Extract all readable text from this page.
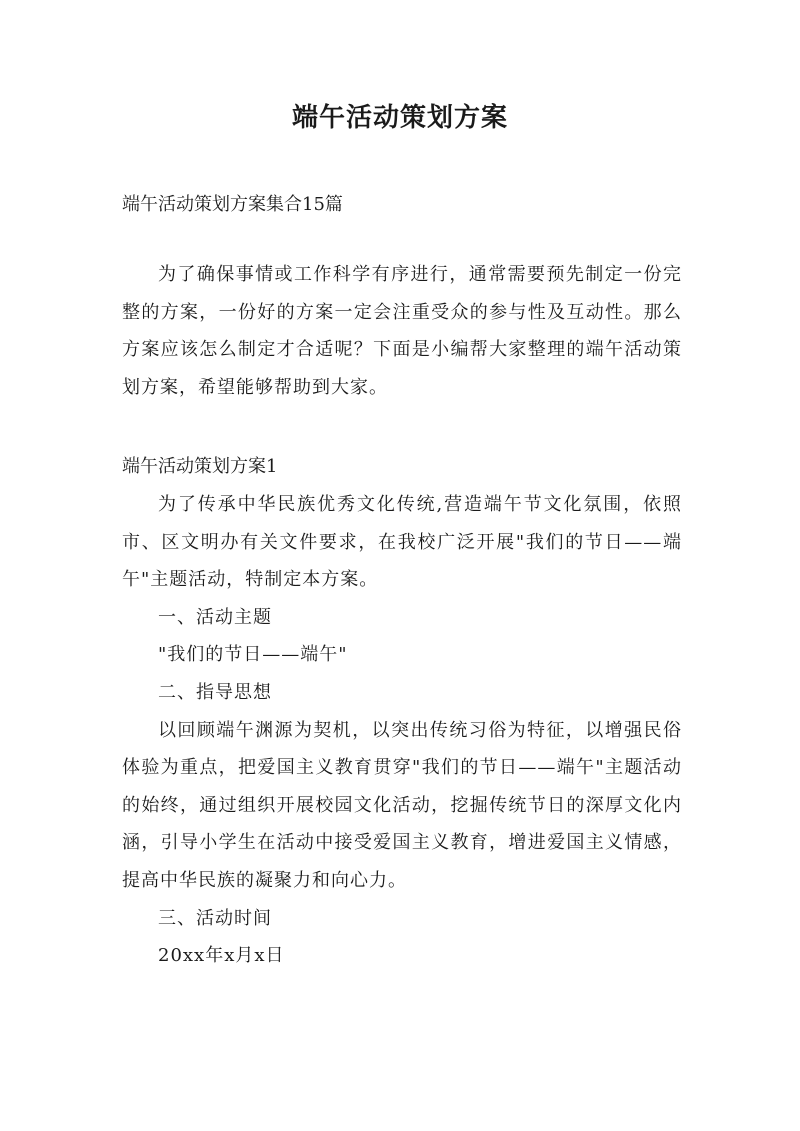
端午活动策划方案
端午活动策划方案集合15篇
为了确保事情或工作科学有序进行，通常需要预先制定一份完整的方案，一份好的方案一定会注重受众的参与性及互动性。那么方案应该怎么制定才合适呢？下面是小编帮大家整理的端午活动策划方案，希望能够帮助到大家。
端午活动策划方案1

为了传承中华民族优秀文化传统,营造端午节文化氛围，依照市、区文明办有关文件要求，在我校广泛开展"我们的节日——端午"主题活动，特制定本方案。

一、活动主题

"我们的节日——端午"

二、指导思想

以回顾端午渊源为契机，以突出传统习俗为特征，以增强民俗体验为重点，把爱国主义教育贯穿"我们的节日——端午"主题活动的始终，通过组织开展校园文化活动，挖掘传统节日的深厚文化内涵，引导小学生在活动中接受爱国主义教育，增进爱国主义情感，提高中华民族的凝聚力和向心力。

三、活动时间

20xx年x月x日
